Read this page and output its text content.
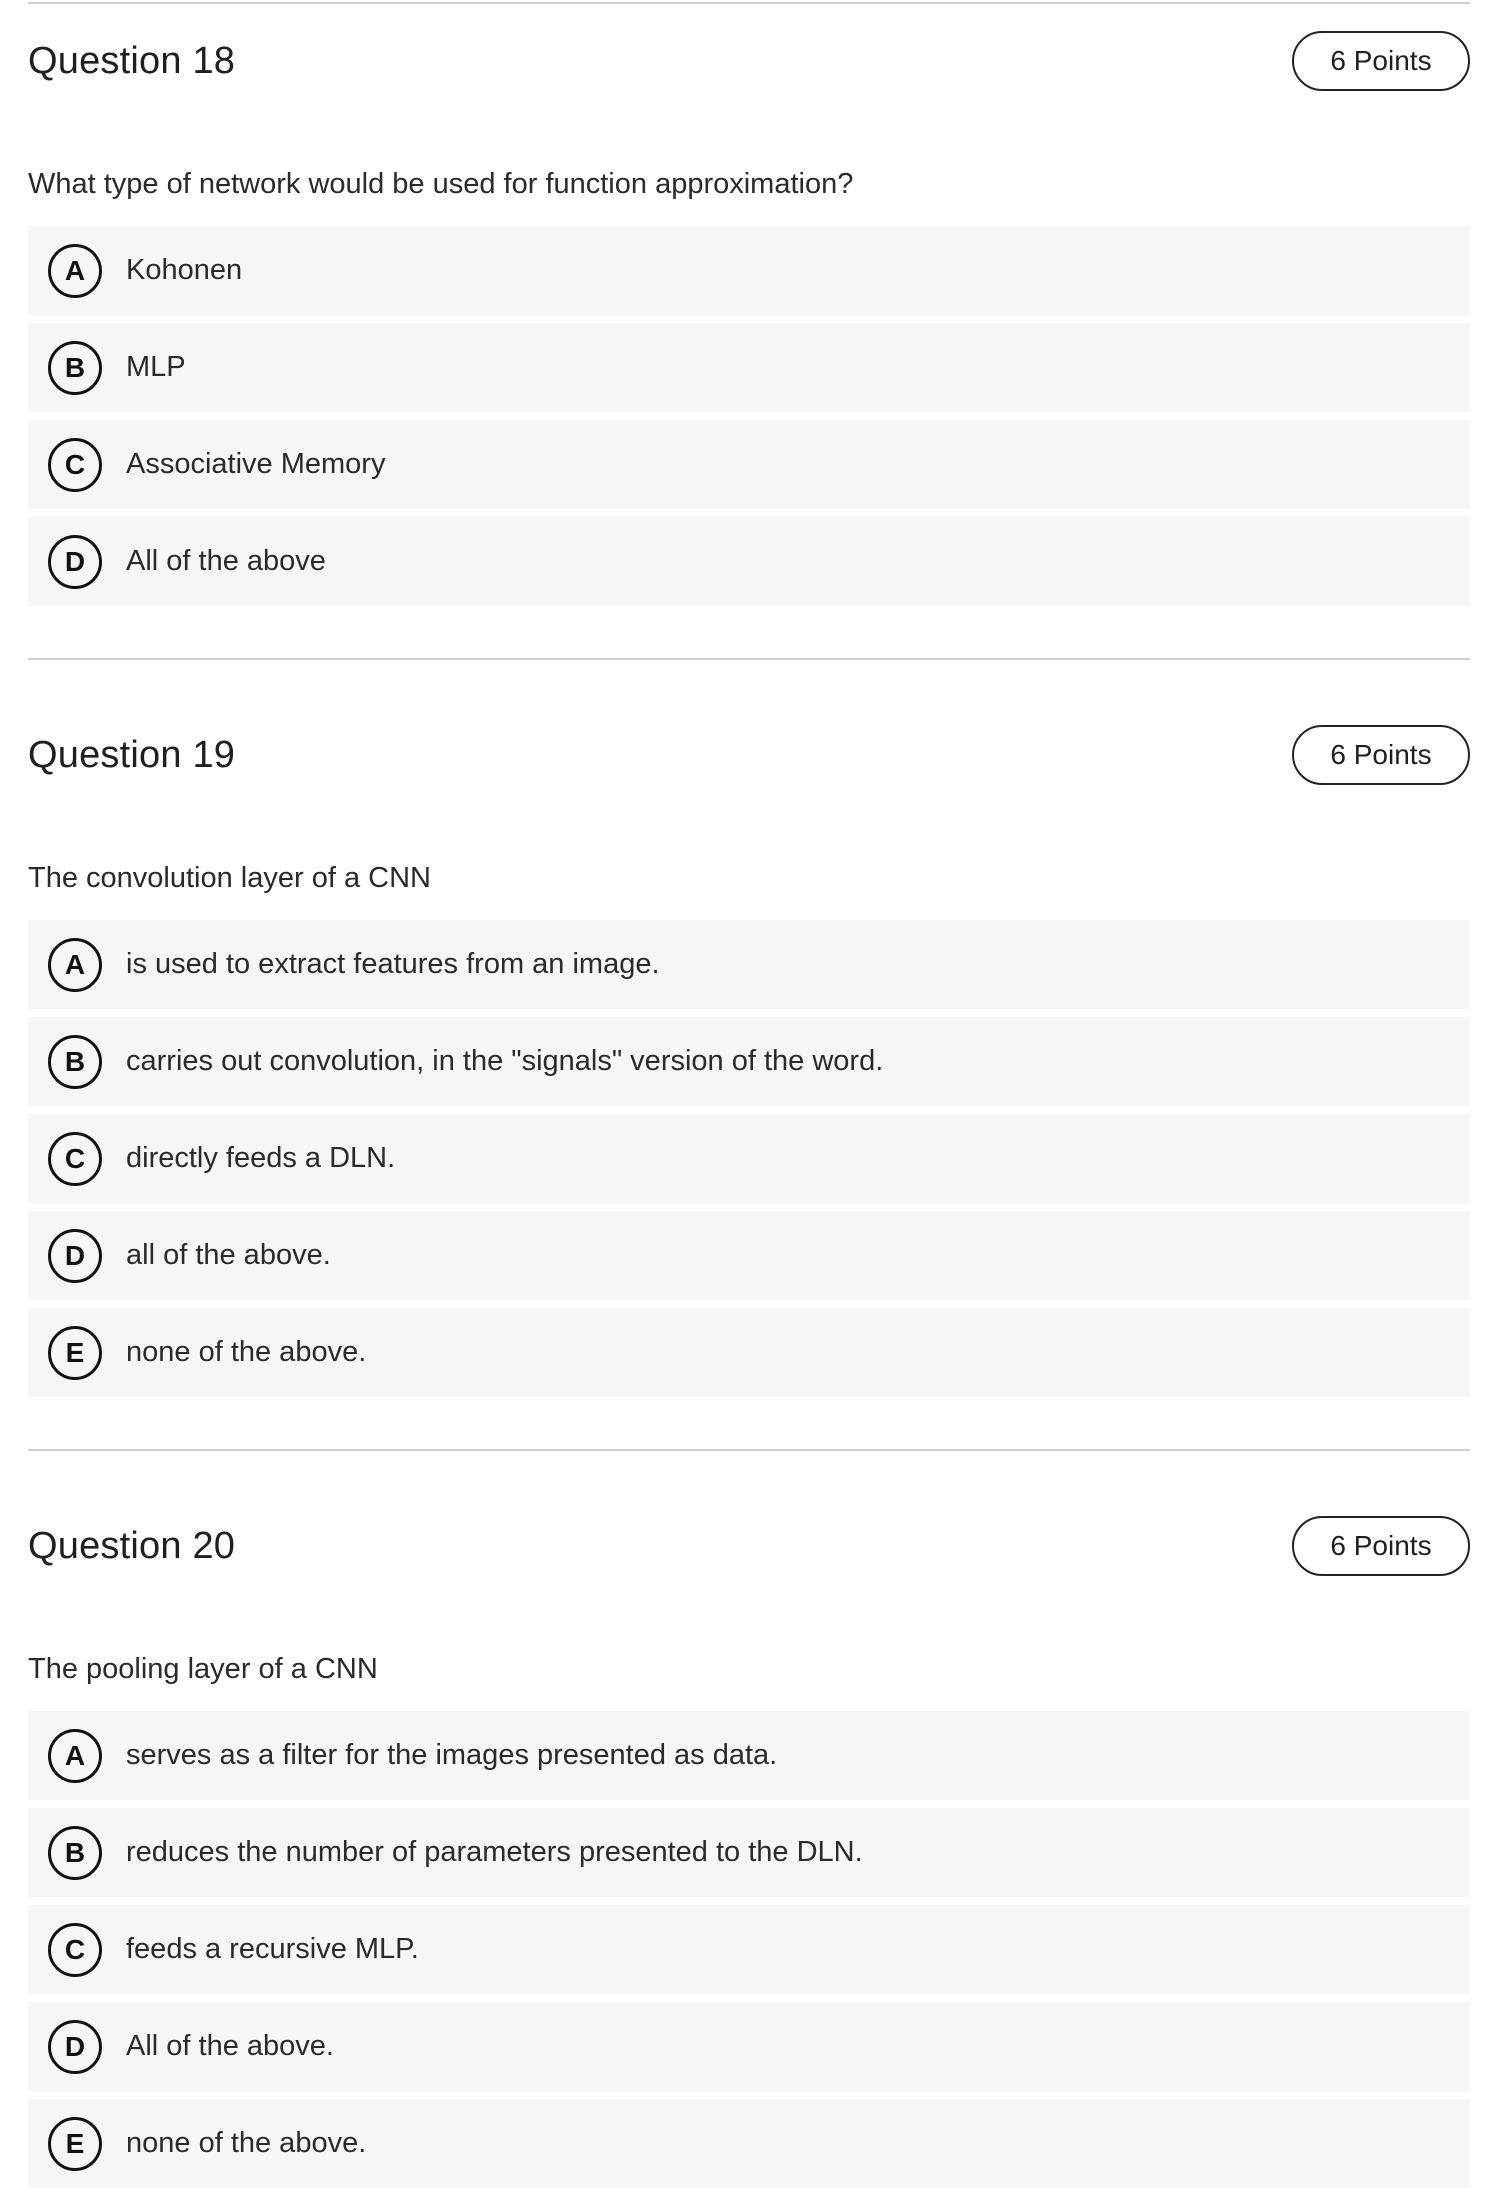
Question 18	6 Points

What type of network would be used for function approximation?

A	Kohonen
B	MLP
C	Associative Memory
D	All of the above
Question 19	6 Points

The convolution layer of a CNN

A	is used to extract features from an image.
B	carries out convolution, in the "signals" version of the word.
C	directly feeds a DLN.
D	all of the above.
E	none of the above.
Question 20	6 Points

The pooling layer of a CNN

A	serves as a filter for the images presented as data.
B	reduces the number of parameters presented to the DLN.
C	feeds a recursive MLP.
D	All of the above.
E	none of the above.
